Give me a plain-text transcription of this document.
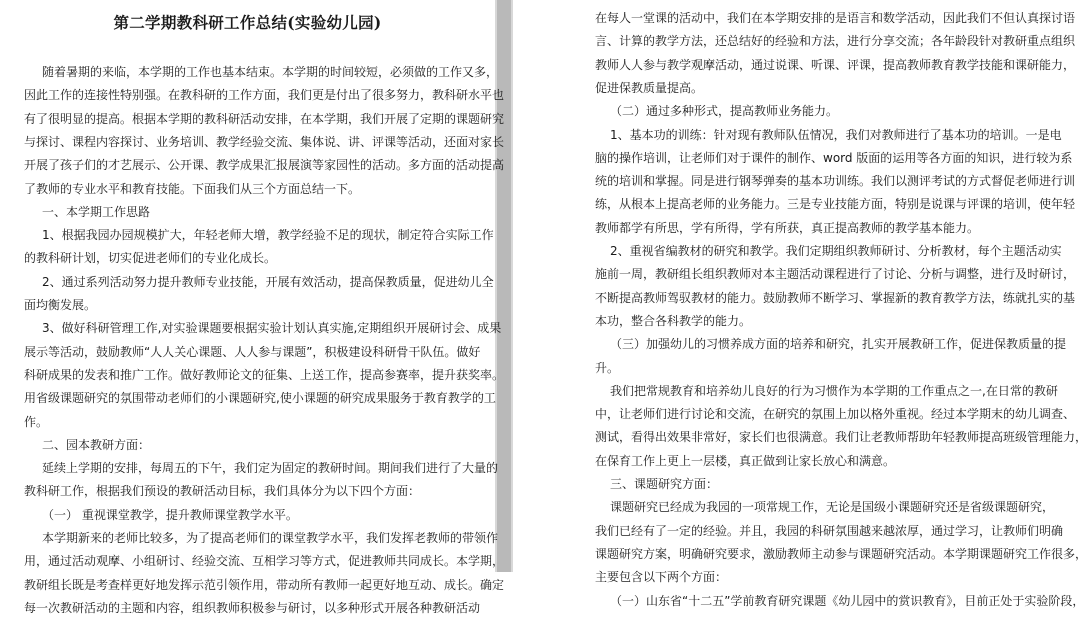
第二学期教科研工作总结(实验幼儿园)
随着暑期的来临，本学期的工作也基本结束。本学期的时间较短，必须做的工作又多，
因此工作的连接性特别强。在教科研的工作方面，我们更是付出了很多努力，教科研水平也
有了很明显的提高。根据本学期的教科研活动安排，在本学期，我们开展了定期的课题研究
与探讨、课程内容探讨、业务培训、教学经验交流、集体说、讲、评课等活动，还面对家长
开展了孩子们的才艺展示、公开课、教学成果汇报展演等家园性的活动。多方面的活动提高
了教师的专业水平和教育技能。下面我们从三个方面总结一下。
一、本学期工作思路
1、根据我园办园规模扩大，年轻老师大增，教学经验不足的现状，制定符合实际工作
的教科研计划，切实促进老师们的专业化成长。
2、通过系列活动努力提升教师专业技能，开展有效活动，提高保教质量，促进幼儿全
面均衡发展。
3、做好科研管理工作,对实验课题要根据实验计划认真实施,定期组织开展研讨会、成果
展示等活动，鼓励教师“人人关心课题、人人参与课题”，积极建设科研骨干队伍。做好
科研成果的发表和推广工作。做好教师论文的征集、上送工作，提高参赛率，提升获奖率。
用省级课题研究的氛围带动老师们的小课题研究,使小课题的研究成果服务于教育教学的工
作。
二、园本教研方面：
延续上学期的安排，每周五的下午，我们定为固定的教研时间。期间我们进行了大量的
教科研工作，根据我们预设的教研活动目标，我们具体分为以下四个方面：
（一） 重视课堂教学，提升教师课堂教学水平。
本学期新来的老师比较多，为了提高老师们的课堂教学水平，我们发挥老教师的带领作
用，通过活动观摩、小组研讨、经验交流、互相学习等方式，促进教师共同成长。本学期，
教研组长既是考查样更好地发挥示范引领作用，带动所有教师一起更好地互动、成长。确定
每一次教研活动的主题和内容，组织教师积极参与研讨，以多种形式开展各种教研活动
在每人一堂课的活动中，我们在本学期安排的是语言和数学活动，因此我们不但认真探讨语
言、计算的教学方法，还总结好的经验和方法，进行分享交流；各年龄段针对教研重点组织
教师人人参与教学观摩活动，通过说课、听课、评课，提高教师教育教学技能和课研能力，
促进保教质量提高。
（二）通过多种形式，提高教师业务能力。
1、基本功的训练：针对现有教师队伍情况，我们对教师进行了基本功的培训。一是电
脑的操作培训，让老师们对于课件的制作、word 版面的运用等各方面的知识，进行较为系
统的培训和掌握。同是进行钢琴弹奏的基本功训练。我们以测评考试的方式督促老师进行训
练，从根本上提高老师的业务能力。三是专业技能方面，特别是说课与评课的培训，使年轻
教师都学有所思，学有所得，学有所获，真正提高教师的教学基本能力。
2、重视省编教材的研究和教学。我们定期组织教师研讨、分析教材，每个主题活动实
施前一周，教研组长组织教师对本主题活动课程进行了讨论、分析与调整，进行及时研讨，
不断提高教师驾驭教材的能力。鼓励教师不断学习、掌握新的教育教学方法，练就扎实的基
本功，整合各科教学的能力。
（三）加强幼儿的习惯养成方面的培养和研究，扎实开展教研工作，促进保教质量的提
升。
我们把常规教育和培养幼儿良好的行为习惯作为本学期的工作重点之一,在日常的教研
中，让老师们进行讨论和交流，在研究的氛围上加以格外重视。经过本学期末的幼儿调查、
测试，看得出效果非常好，家长们也很满意。我们让老教师帮助年轻教师提高班级管理能力，
在保育工作上更上一层楼，真正做到让家长放心和满意。
三、课题研究方面：
课题研究已经成为我园的一项常规工作，无论是国级小课题研究还是省级课题研究，
我们已经有了一定的经验。并且，我园的科研氛围越来越浓厚，通过学习，让教师们明确
课题研究方案，明确研究要求，激励教师主动参与课题研究活动。本学期课题研究工作很多，
主要包含以下两个方面：
（一）山东省“十二五”学前教育研究课题《幼儿园中的赏识教育》，目前正处于实验阶段，
